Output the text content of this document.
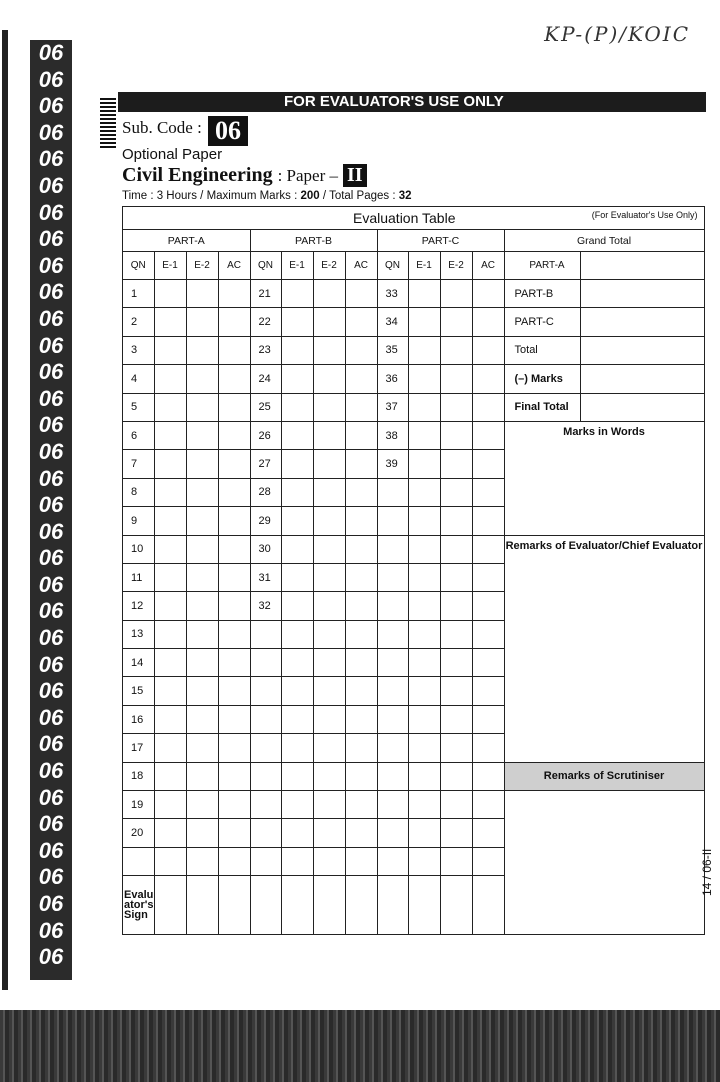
06
06
06
06
06
06
06
06
06
06
06
06
06
06
06
06
06
06
06
06
06
06
06
06
06
06
06
06
06
06
06
06
06
06
06
KP-(P)/KOIC
FOR EVALUATOR'S USE ONLY
Sub. Code : 06
Optional Paper
Civil Engineering : Paper – II
Time : 3 Hours / Maximum Marks : 200 / Total Pages : 32
Evaluation Table (For Evaluator's Use Only)													

PART-A				PART-B				PART-C				Grand Total	
QN	E-1	E-2	AC	QN	E-1	E-2	AC	QN	E-1	E-2	AC	PART-A	
1				21				33				PART-B	
2				22				34				PART-C	
3				23				35				Total	
4				24				36				(–) Marks	
5				25				37				Final Total	
6				26				38				Marks in Words	
7				27				39					
8				28									
9				29									
10				30								Remarks of Evaluator/Chief Evaluator	
11				31									
12				32									
13													
14													
15													
16													
17													
18												Remarks of Scrutiniser	
19													
20													

Evalu ator's Sign													
14 / 06-II
